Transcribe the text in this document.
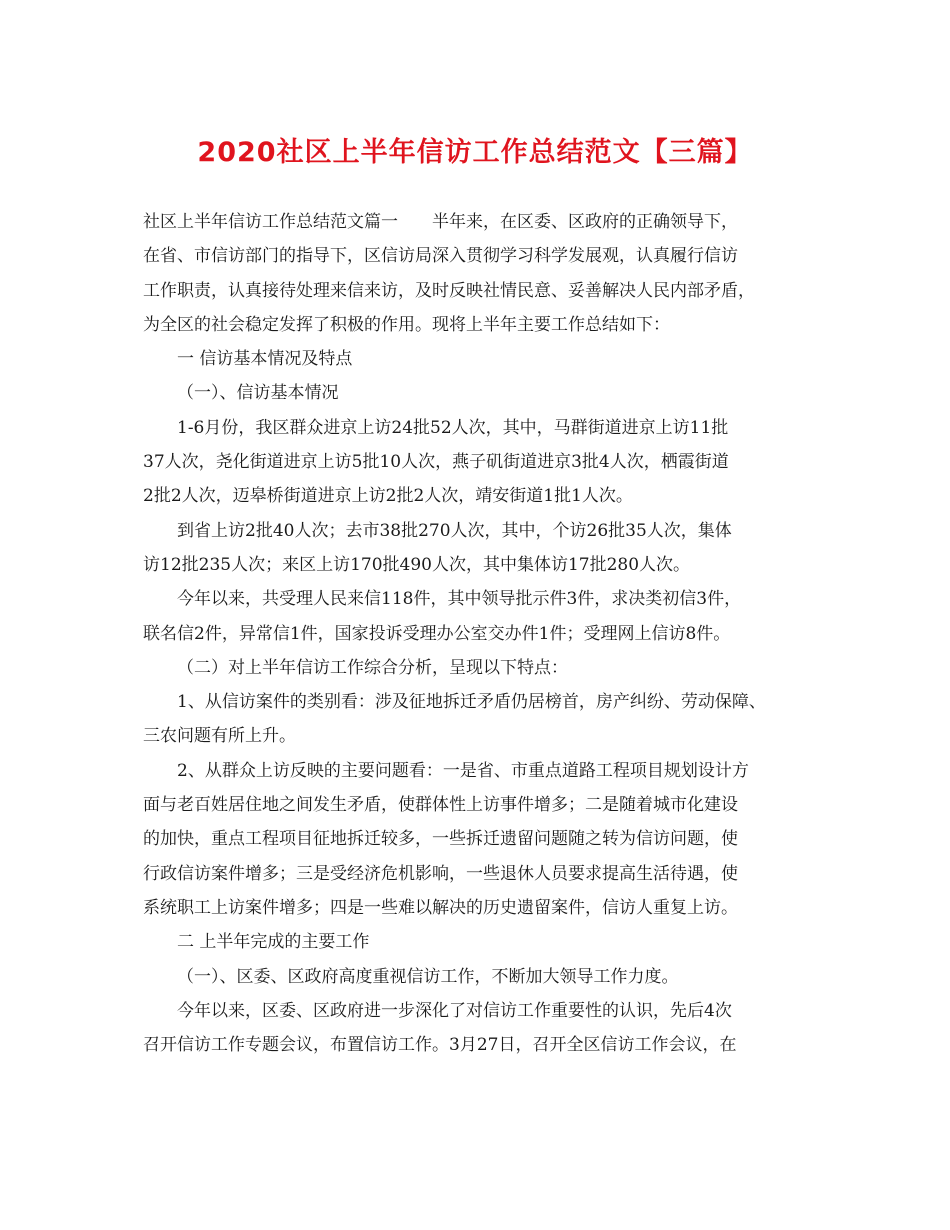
2020社区上半年信访工作总结范文【三篇】
社区上半年信访工作总结范文篇一　　半年来，在区委、区政府的正确领导下，
在省、市信访部门的指导下，区信访局深入贯彻学习科学发展观，认真履行信访
工作职责，认真接待处理来信来访，及时反映社情民意、妥善解决人民内部矛盾，
为全区的社会稳定发挥了积极的作用。现将上半年主要工作总结如下：
一 信访基本情况及特点
（一）、信访基本情况
1-6月份，我区群众进京上访24批52人次，其中，马群街道进京上访11批
37人次，尧化街道进京上访5批10人次，燕子矶街道进京3批4人次，栖霞街道
2批2人次，迈皋桥街道进京上访2批2人次，靖安街道1批1人次。
到省上访2批40人次；去市38批270人次，其中，个访26批35人次，集体
访12批235人次；来区上访170批490人次，其中集体访17批280人次。
今年以来，共受理人民来信118件，其中领导批示件3件，求决类初信3件，
联名信2件，异常信1件，国家投诉受理办公室交办件1件；受理网上信访8件。
（二）对上半年信访工作综合分析，呈现以下特点：
1、从信访案件的类别看：涉及征地拆迁矛盾仍居榜首，房产纠纷、劳动保障、
三农问题有所上升。
2、从群众上访反映的主要问题看：一是省、市重点道路工程项目规划设计方
面与老百姓居住地之间发生矛盾，使群体性上访事件增多；二是随着城市化建设
的加快，重点工程项目征地拆迁较多，一些拆迁遗留问题随之转为信访问题，使
行政信访案件增多；三是受经济危机影响，一些退休人员要求提高生活待遇，使
系统职工上访案件增多；四是一些难以解决的历史遗留案件，信访人重复上访。
二 上半年完成的主要工作
（一）、区委、区政府高度重视信访工作，不断加大领导工作力度。
今年以来，区委、区政府进一步深化了对信访工作重要性的认识，先后4次
召开信访工作专题会议，布置信访工作。3月27日，召开全区信访工作会议，在
